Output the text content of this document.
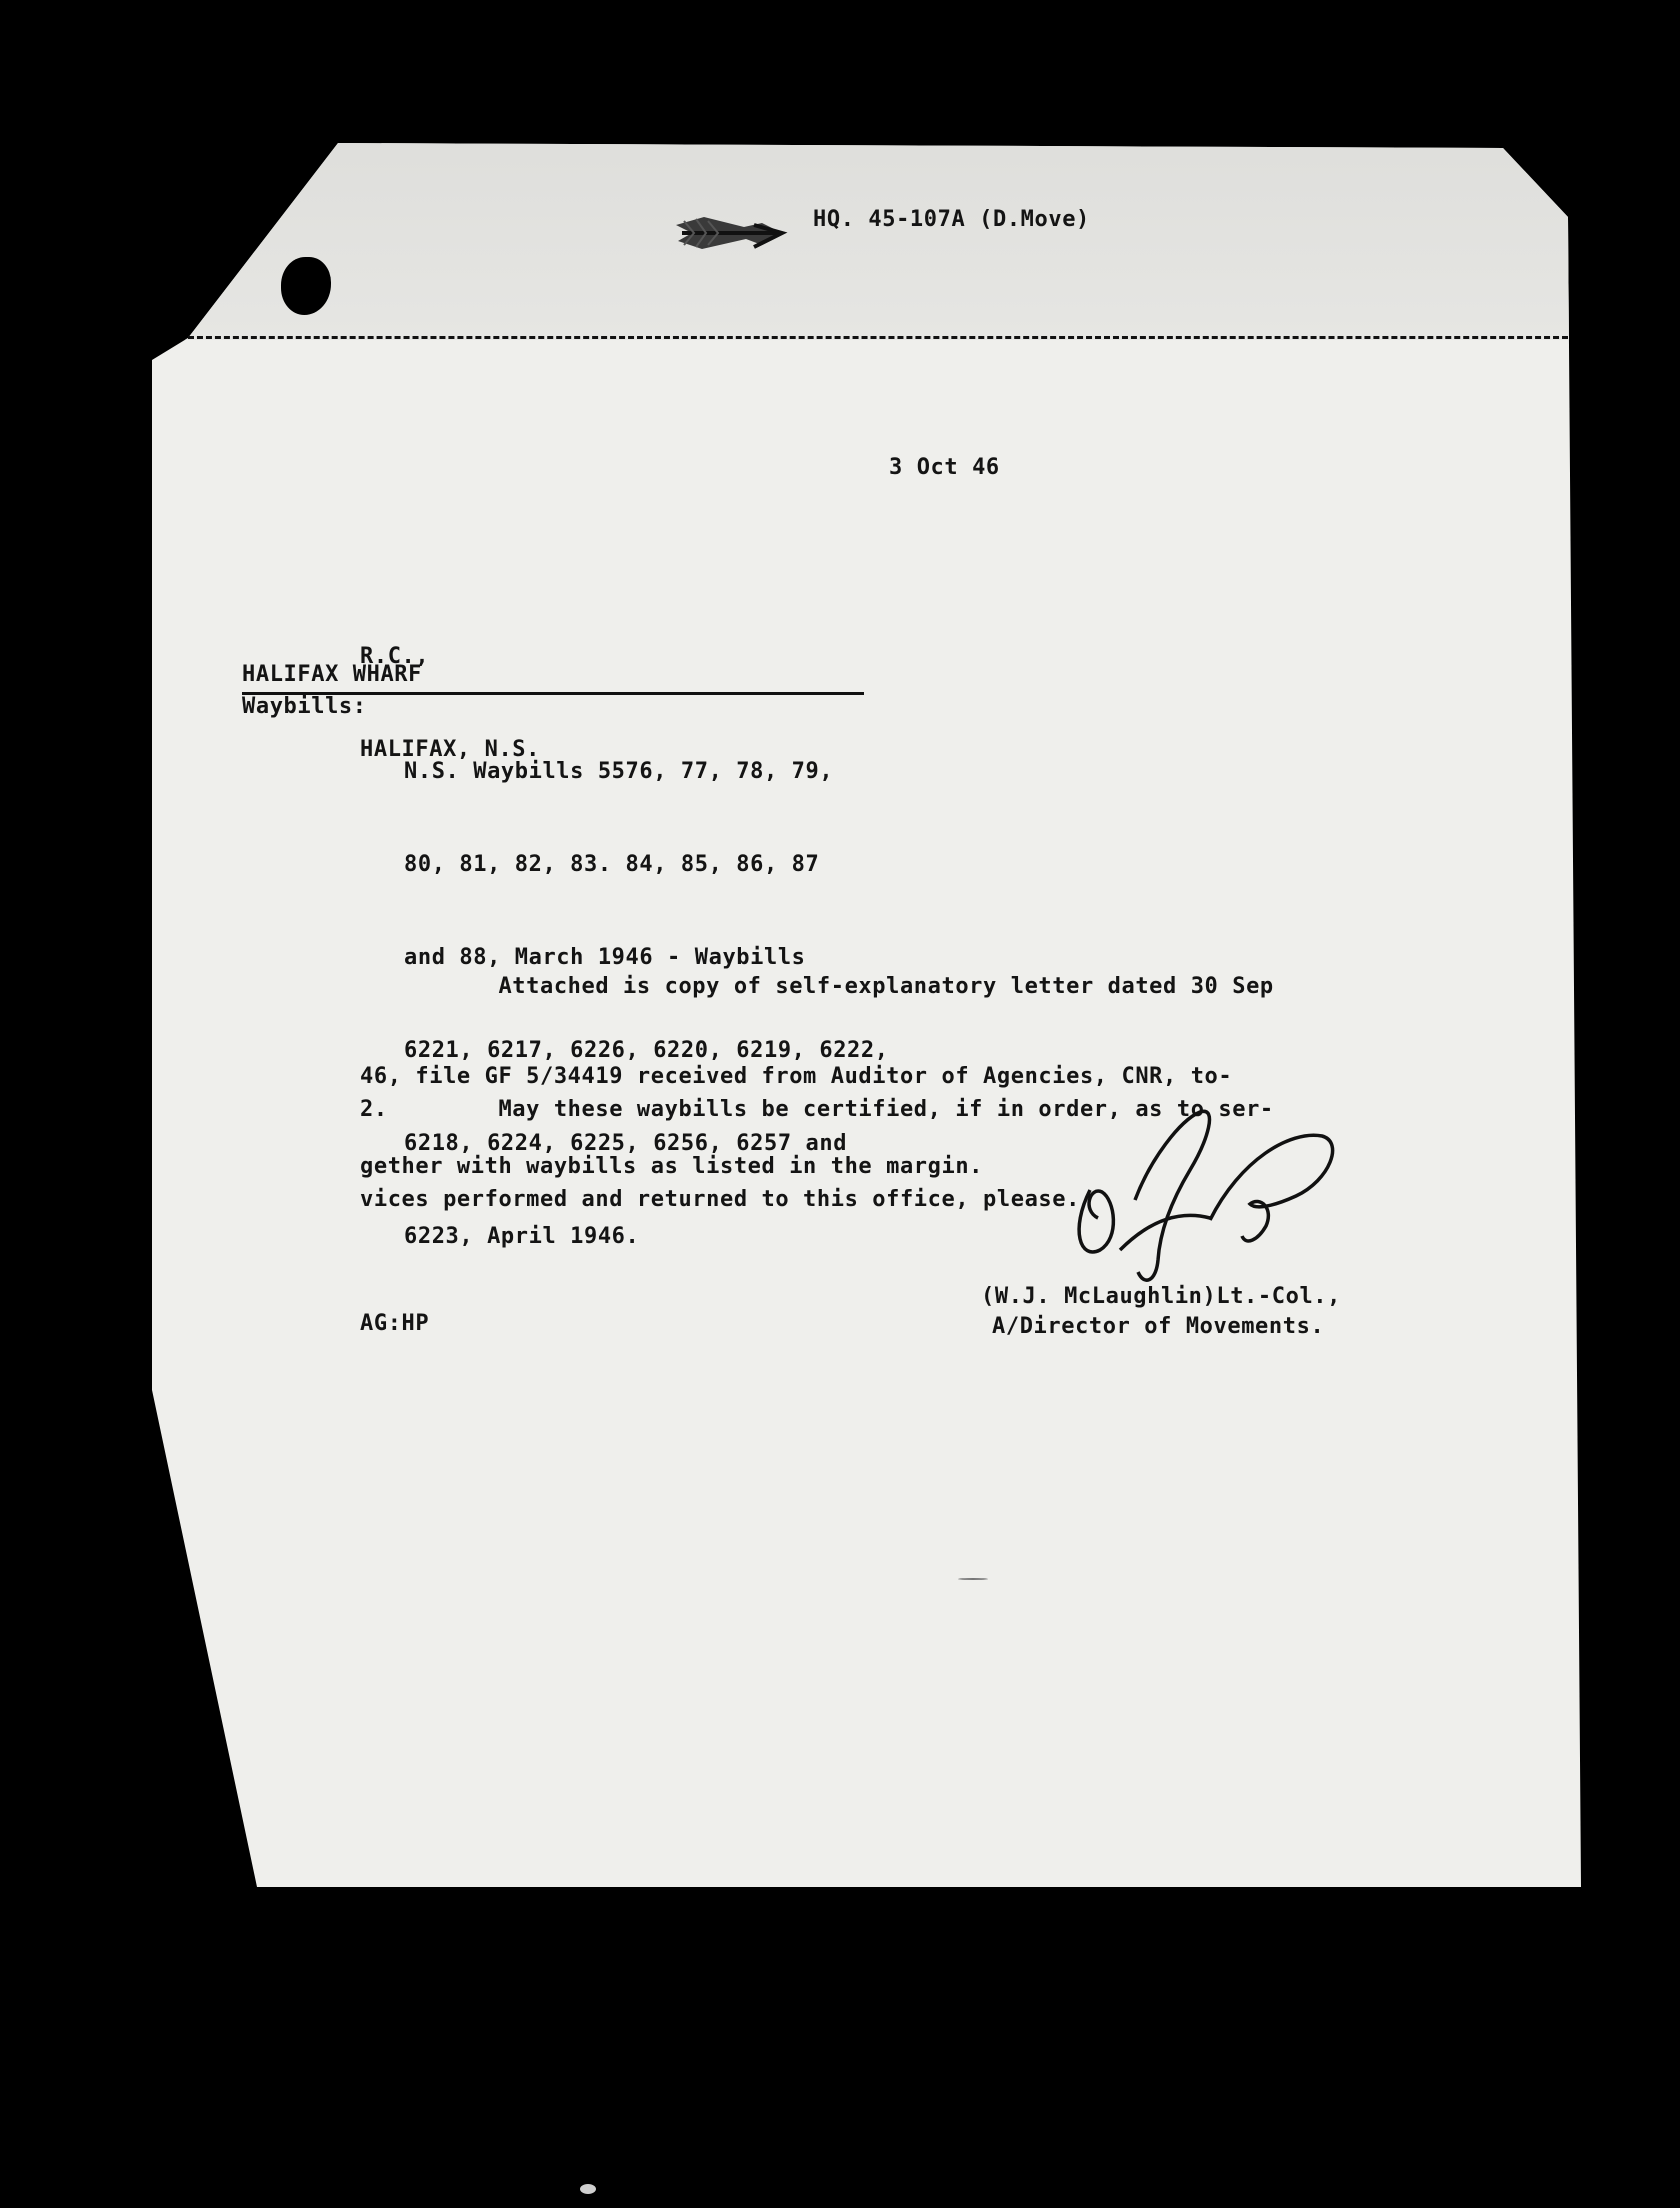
HQ. 45-107A (D.Move)

3 Oct 46

R.C.,

HALIFAX, N.S.

HALIFAX WHARF

Waybills:

N.S. Waybills 5576, 77, 78, 79,

80, 81, 82, 83. 84, 85, 86, 87

and 88, March 1946 - Waybills

6221, 6217, 6226, 6220, 6219, 6222,

6218, 6224, 6225, 6256, 6257 and

6223, April 1946.

Attached is copy of self-explanatory letter dated 30 Sep

46, file GF 5/34419 received from Auditor of Agencies, CNR, to-

gether with waybills as listed in the margin.

2.        May these waybills be certified, if in order, as to ser-

vices performed and returned to this office, please.

(W.J. McLaughlin)Lt.-Col.,

A/Director of Movements.

AG:HP
